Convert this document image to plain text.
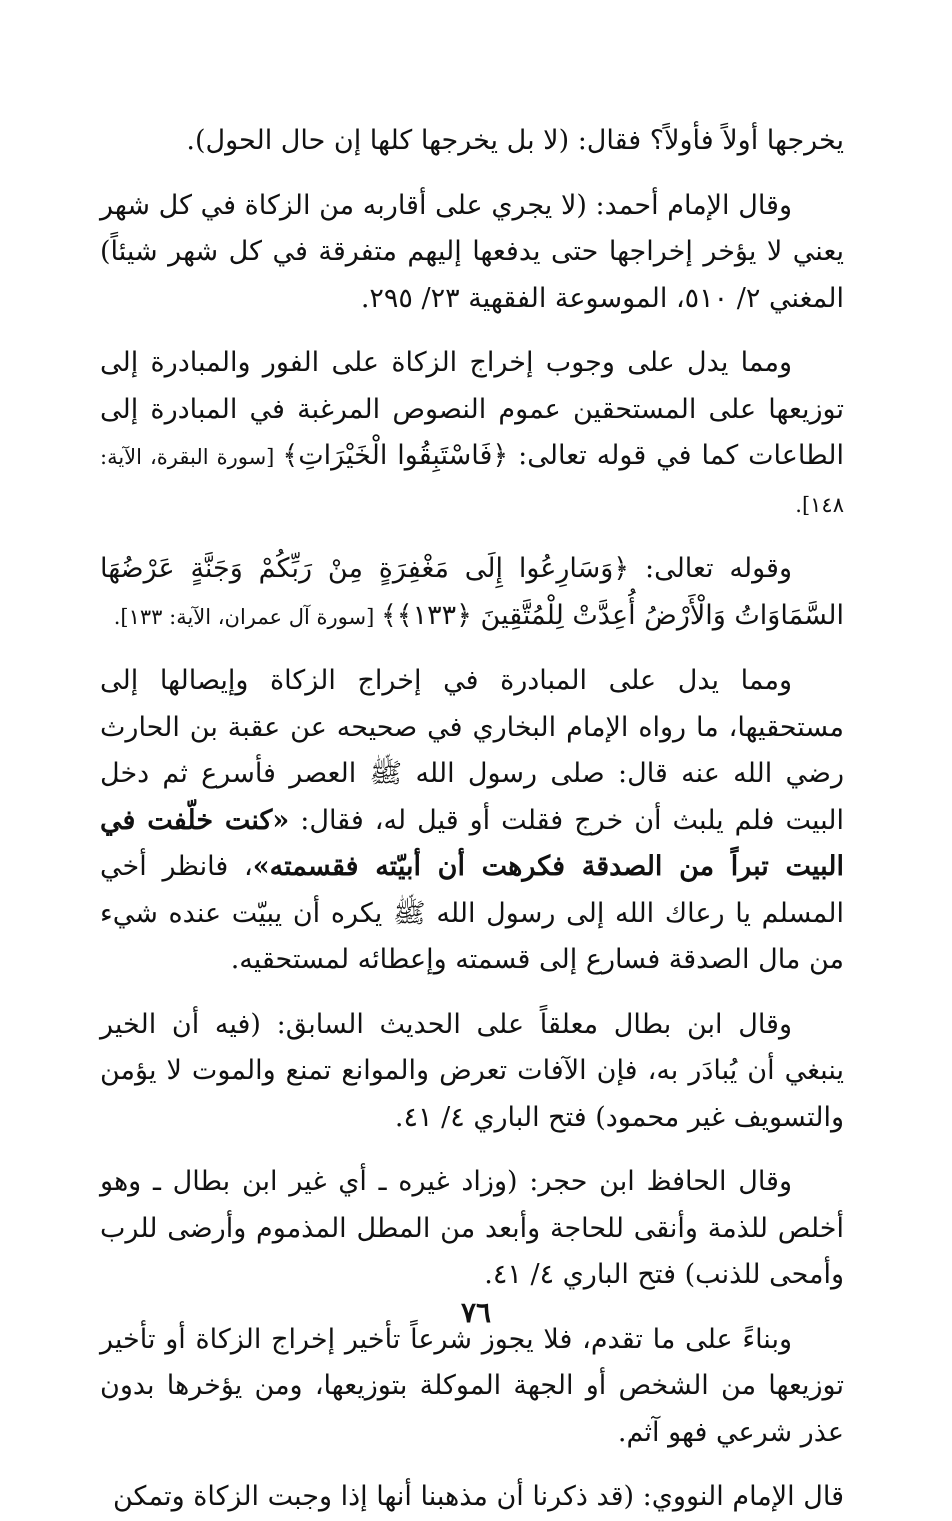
يخرجها أولاً فأولاً؟ فقال: (لا بل يخرجها كلها إن حال الحول).

وقال الإمام أحمد: (لا يجري على أقاربه من الزكاة في كل شهر يعني لا يؤخر إخراجها حتى يدفعها إليهم متفرقة في كل شهر شيئاً) المغني ٢/ ٥١٠، الموسوعة الفقهية ٢٣/ ٢٩٥.

ومما يدل على وجوب إخراج الزكاة على الفور والمبادرة إلى توزيعها على المستحقين عموم النصوص المرغبة في المبادرة إلى الطاعات كما في قوله تعالى: ﴿فَاسْتَبِقُوا الْخَيْرَاتِ﴾ [سورة البقرة، الآية: ١٤٨].

وقوله تعالى: ﴿وَسَارِعُوا إِلَى مَغْفِرَةٍ مِنْ رَبِّكُمْ وَجَنَّةٍ عَرْضُهَا السَّمَاوَاتُ وَالْأَرْضُ أُعِدَّتْ لِلْمُتَّقِينَ ﴿١٣٣﴾﴾ [سورة آل عمران، الآية: ١٣٣].

ومما يدل على المبادرة في إخراج الزكاة وإيصالها إلى مستحقيها، ما رواه الإمام البخاري في صحيحه عن عقبة بن الحارث رضي الله عنه قال: صلى رسول الله ﷺ العصر فأسرع ثم دخل البيت فلم يلبث أن خرج فقلت أو قيل له، فقال: «كنت خلّفت في البيت تبراً من الصدقة فكرهت أن أبيّته فقسمته»، فانظر أخي المسلم يا رعاك الله إلى رسول الله ﷺ يكره أن يبيّت عنده شيء من مال الصدقة فسارع إلى قسمته وإعطائه لمستحقيه.

وقال ابن بطال معلقاً على الحديث السابق: (فيه أن الخير ينبغي أن يُبادَر به، فإن الآفات تعرض والموانع تمنع والموت لا يؤمن والتسويف غير محمود) فتح الباري ٤/ ٤١.

وقال الحافظ ابن حجر: (وزاد غيره ـ أي غير ابن بطال ـ وهو أخلص للذمة وأنقى للحاجة وأبعد من المطل المذموم وأرضى للرب وأمحى للذنب) فتح الباري ٤/ ٤١.

وبناءً على ما تقدم، فلا يجوز شرعاً تأخير إخراج الزكاة أو تأخير توزيعها من الشخص أو الجهة الموكلة بتوزيعها، ومن يؤخرها بدون عذر شرعي فهو آثم.

قال الإمام النووي: (قد ذكرنا أن مذهبنا أنها إذا وجبت الزكاة وتمكن

٧٦
